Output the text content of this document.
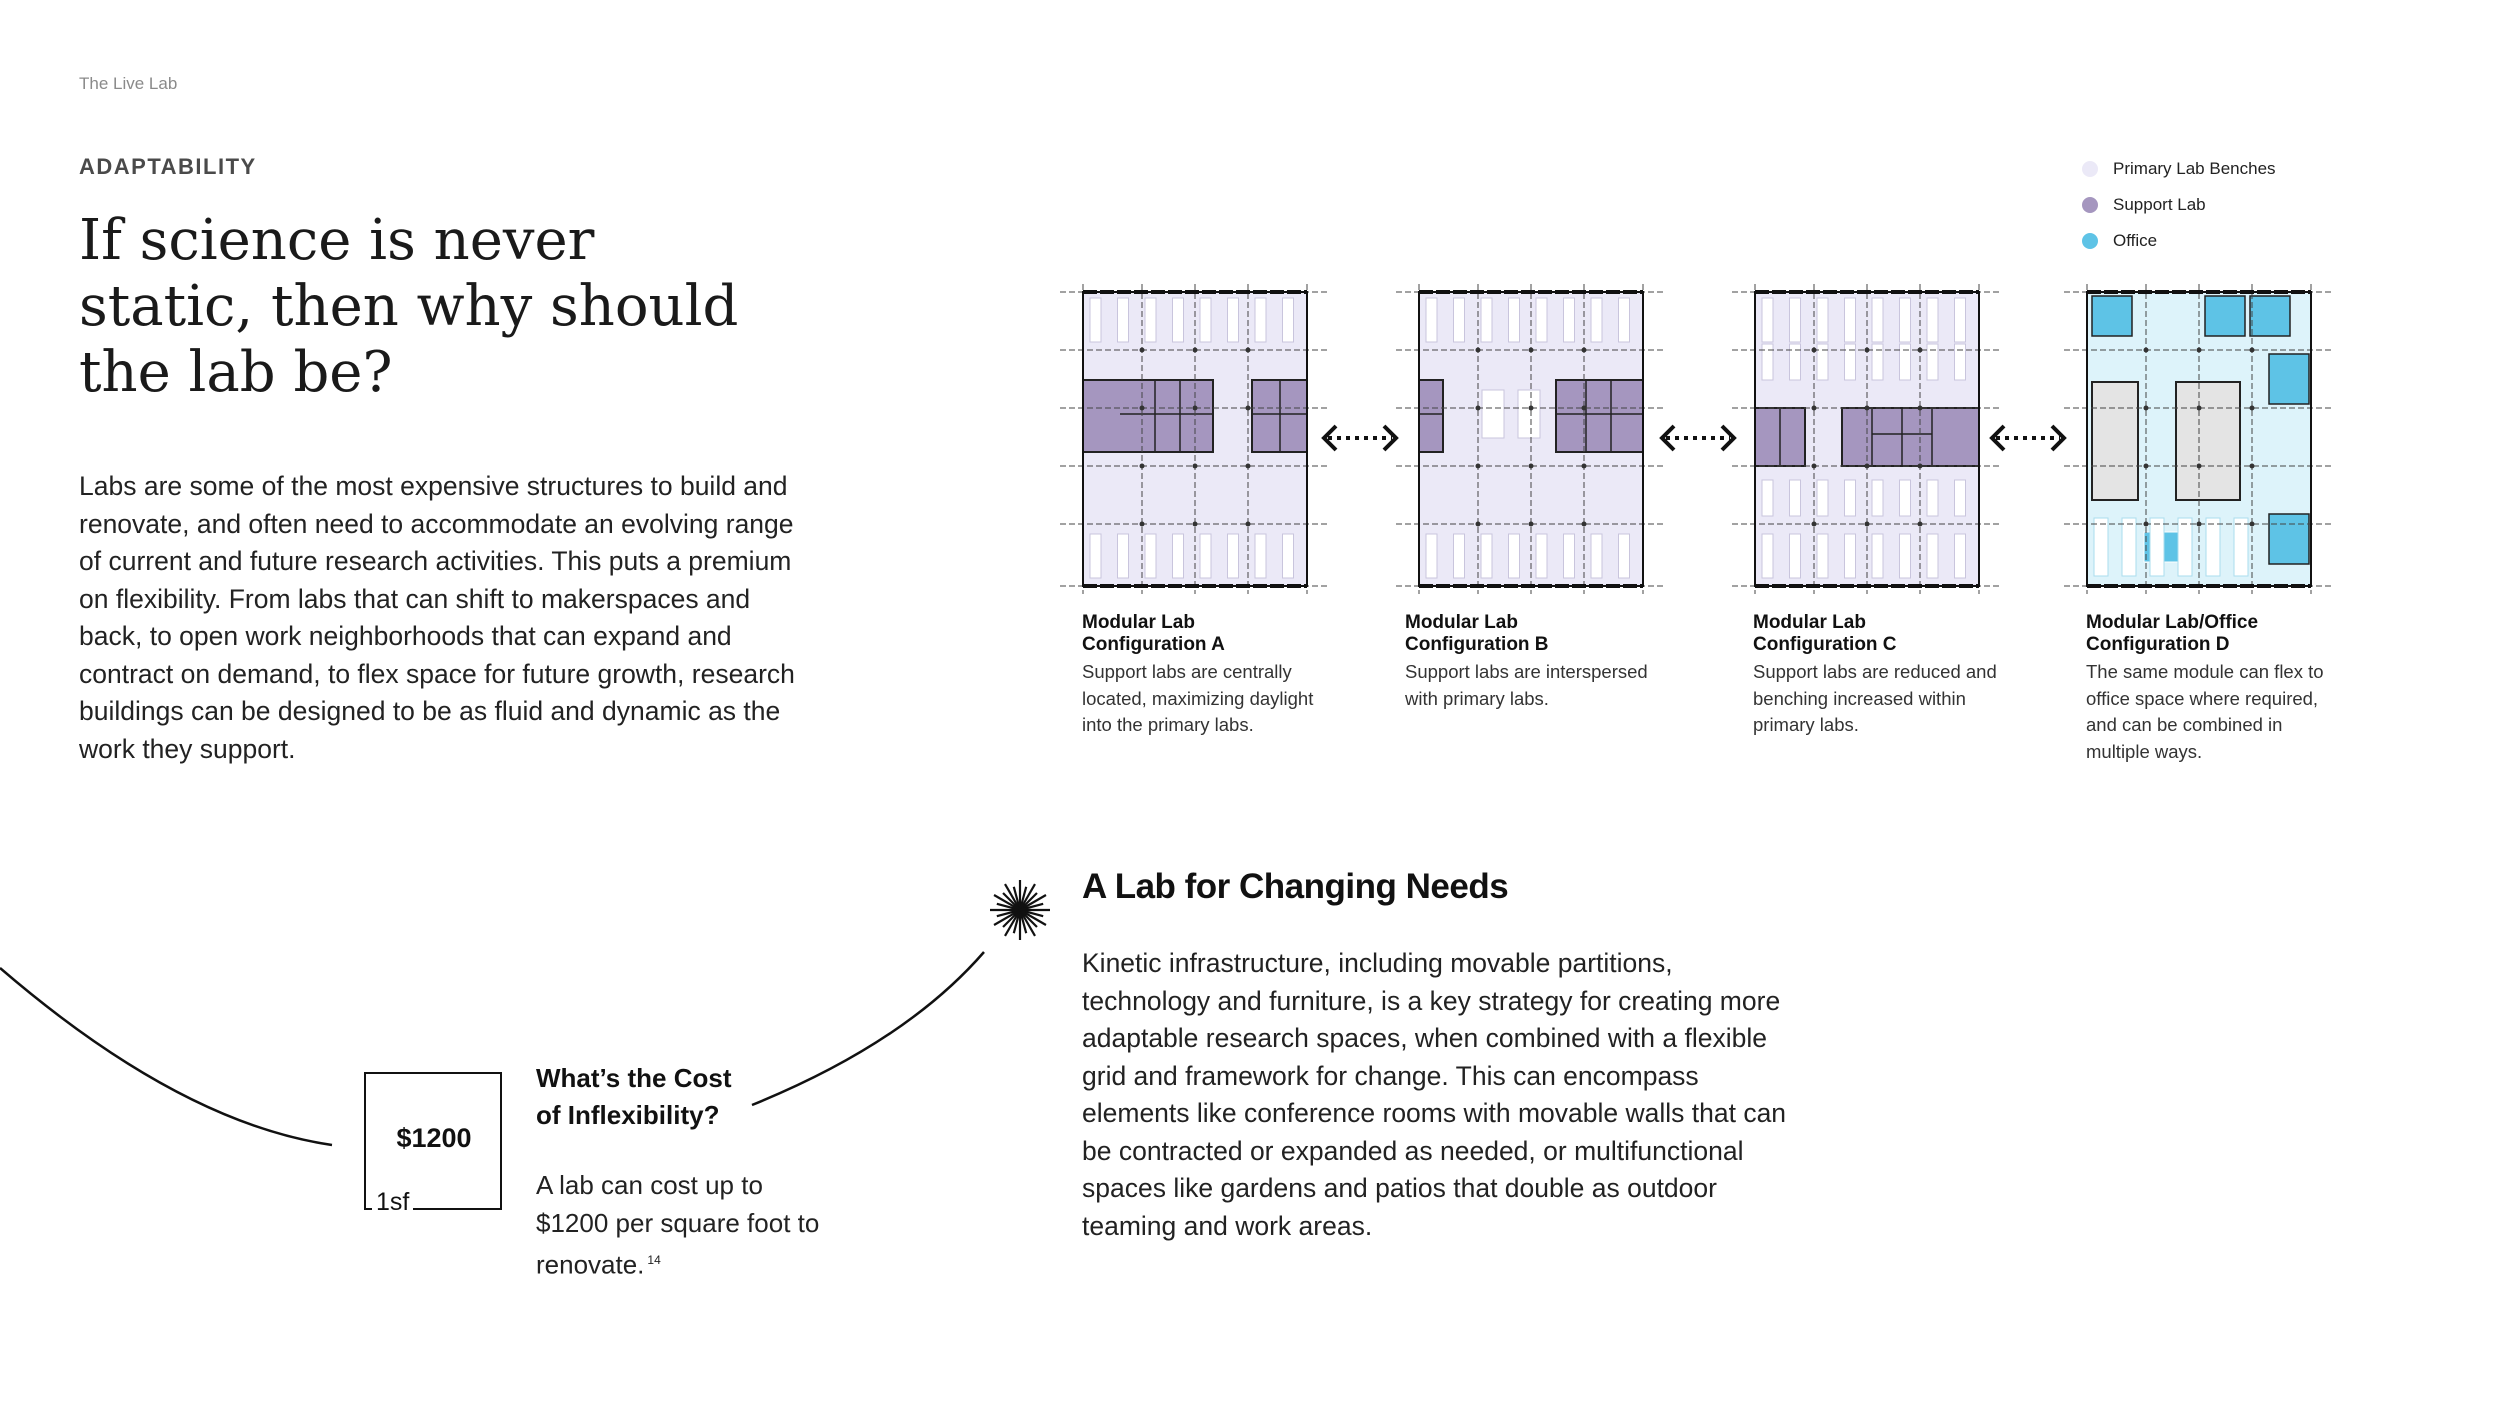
The Live Lab
ADAPTABILITY
If science is never static, then why should the lab be?

Labs are some of the most expensive structures to build and renovate, and often need to accommodate an evolving range of current and future research activities. This puts a premium on flexibility. From labs that can shift to makerspaces and back, to open work neighborhoods that can expand and contract on demand, to flex space for future growth, research buildings can be designed to be as fluid and dynamic as the work they support.

Primary Lab Benches
Support Lab
Office

Modular Lab Configuration A

Support labs are centrally located, maximizing daylight into the primary labs.

Modular Lab Configuration B

Support labs are interspersed with primary labs.

Modular Lab Configuration C

Support labs are reduced and benching increased within primary labs.

Modular Lab/Office Configuration D

The same module can flex to office space where required, and can be combined in multiple ways.

$1200
1sf
What’s the Cost
of Inflexibility?

A lab can cost up to $1200 per square foot to renovate. $^{14}$

A Lab for Changing Needs

Kinetic infrastructure, including movable partitions, technology and furniture, is a key strategy for creating more adaptable research spaces, when combined with a flexible grid and framework for change. This can encompass elements like conference rooms with movable walls that can be contracted or expanded as needed, or multifunctional spaces like gardens and patios that double as outdoor teaming and work areas.
